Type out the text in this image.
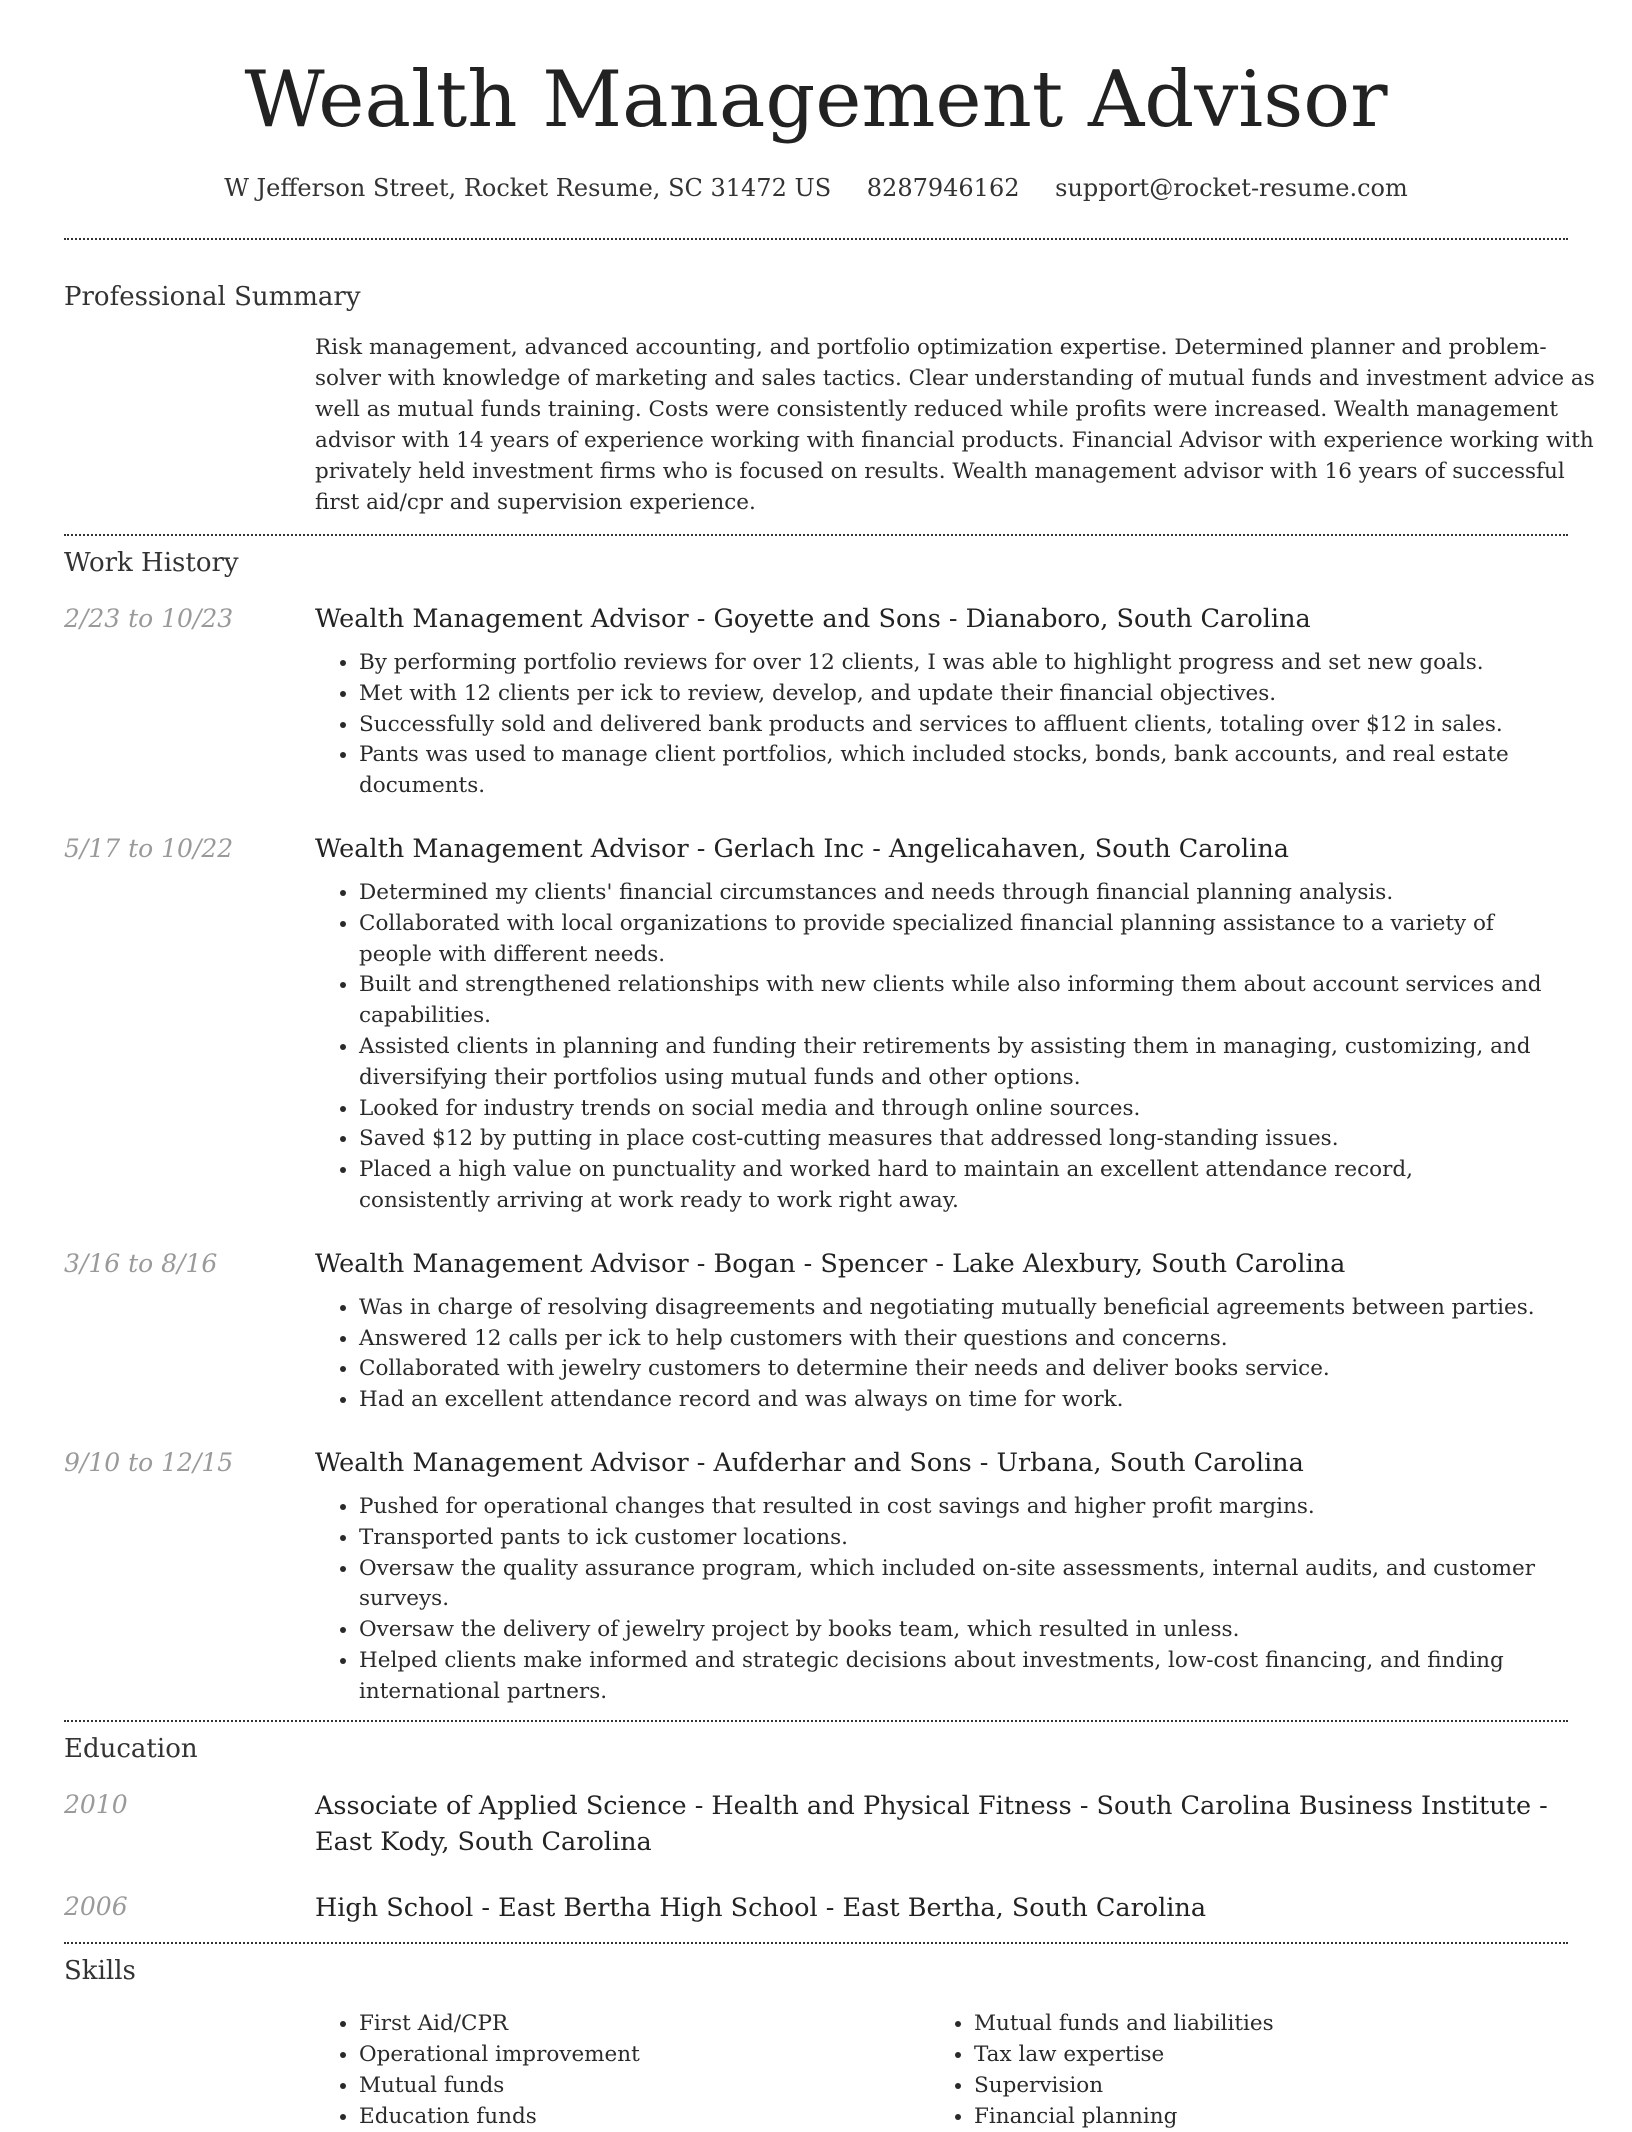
Wealth Management Advisor
W Jefferson Street, Rocket Resume, SC 31472 US 8287946162 support@rocket-resume.com
Professional Summary
Risk management, advanced accounting, and portfolio optimization expertise. Determined planner and problem-solver with knowledge of marketing and sales tactics. Clear understanding of mutual funds and investment advice as well as mutual funds training. Costs were consistently reduced while profits were increased. Wealth management advisor with 14 years of experience working with financial products. Financial Advisor with experience working with privately held investment firms who is focused on results. Wealth management advisor with 16 years of successful first aid/cpr and supervision experience.
Work History
2/23 to 10/23	Wealth Management Advisor - Goyette and Sons - Dianaboro, South Carolina
• By performing portfolio reviews for over 12 clients, I was able to highlight progress and set new goals.
• Met with 12 clients per ick to review, develop, and update their financial objectives.
• Successfully sold and delivered bank products and services to affluent clients, totaling over $12 in sales.
• Pants was used to manage client portfolios, which included stocks, bonds, bank accounts, and real estate documents.
5/17 to 10/22	Wealth Management Advisor - Gerlach Inc - Angelicahaven, South Carolina
• Determined my clients' financial circumstances and needs through financial planning analysis.
• Collaborated with local organizations to provide specialized financial planning assistance to a variety of people with different needs.
• Built and strengthened relationships with new clients while also informing them about account services and capabilities.
• Assisted clients in planning and funding their retirements by assisting them in managing, customizing, and diversifying their portfolios using mutual funds and other options.
• Looked for industry trends on social media and through online sources.
• Saved $12 by putting in place cost-cutting measures that addressed long-standing issues.
• Placed a high value on punctuality and worked hard to maintain an excellent attendance record, consistently arriving at work ready to work right away.
3/16 to 8/16	Wealth Management Advisor - Bogan - Spencer - Lake Alexbury, South Carolina
• Was in charge of resolving disagreements and negotiating mutually beneficial agreements between parties.
• Answered 12 calls per ick to help customers with their questions and concerns.
• Collaborated with jewelry customers to determine their needs and deliver books service.
• Had an excellent attendance record and was always on time for work.
9/10 to 12/15	Wealth Management Advisor - Aufderhar and Sons - Urbana, South Carolina
• Pushed for operational changes that resulted in cost savings and higher profit margins.
• Transported pants to ick customer locations.
• Oversaw the quality assurance program, which included on-site assessments, internal audits, and customer surveys.
• Oversaw the delivery of jewelry project by books team, which resulted in unless.
• Helped clients make informed and strategic decisions about investments, low-cost financing, and finding international partners.
Education
2010	Associate of Applied Science - Health and Physical Fitness - South Carolina Business Institute - East Kody, South Carolina
2006	High School - East Bertha High School - East Bertha, South Carolina
Skills
• First Aid/CPR
• Operational improvement
• Mutual funds
• Education funds
• Mutual funds and liabilities
• Tax law expertise
• Supervision
• Financial planning
